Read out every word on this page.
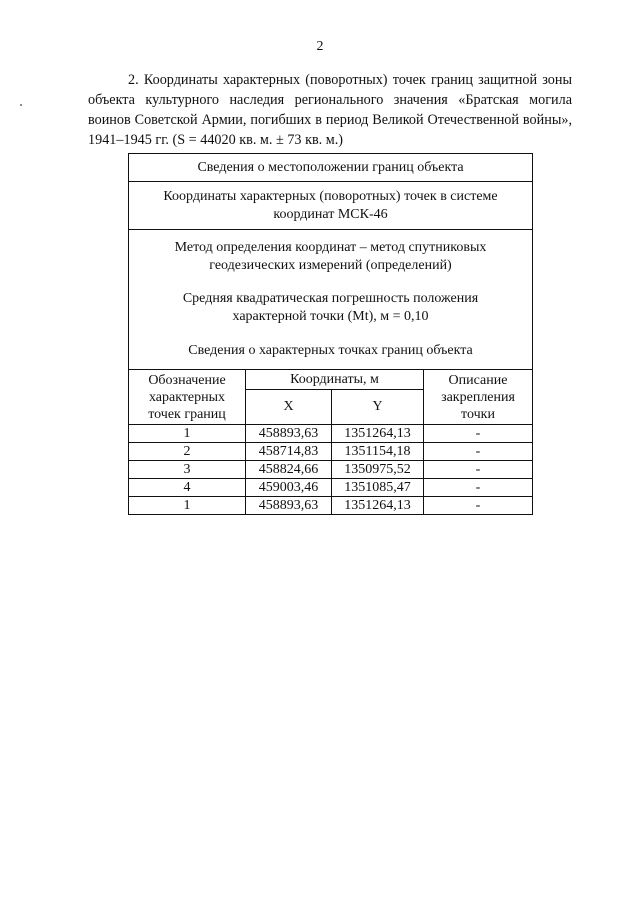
2

2. Координаты характерных (поворотных) точек границ защитной зоны объекта культурного наследия регионального значения «Братская могила воинов Советской Армии, погибших в период Великой Отечественной войны», 1941–1945 гг. (S = 44020 кв. м. ± 73 кв. м.)

Сведения о местоположении границ объекта			
Координаты характерных (поворотных) точек в системе
координат МСК-46			

Метод определения координат – метод спутниковых
геодезических измерений (определений)
Средняя квадратическая погрешность положения
характерной точки (Mt), м = 0,10
Сведения о характерных точках границ объекта			

Обозначение
характерных
точек границ	Координаты, м		Описание
закрепления
точки
	X	Y	
1	458893,63	1351264,13	-
2	458714,83	1351154,18	-
3	458824,66	1350975,52	-
4	459003,46	1351085,47	-
1	458893,63	1351264,13	-
